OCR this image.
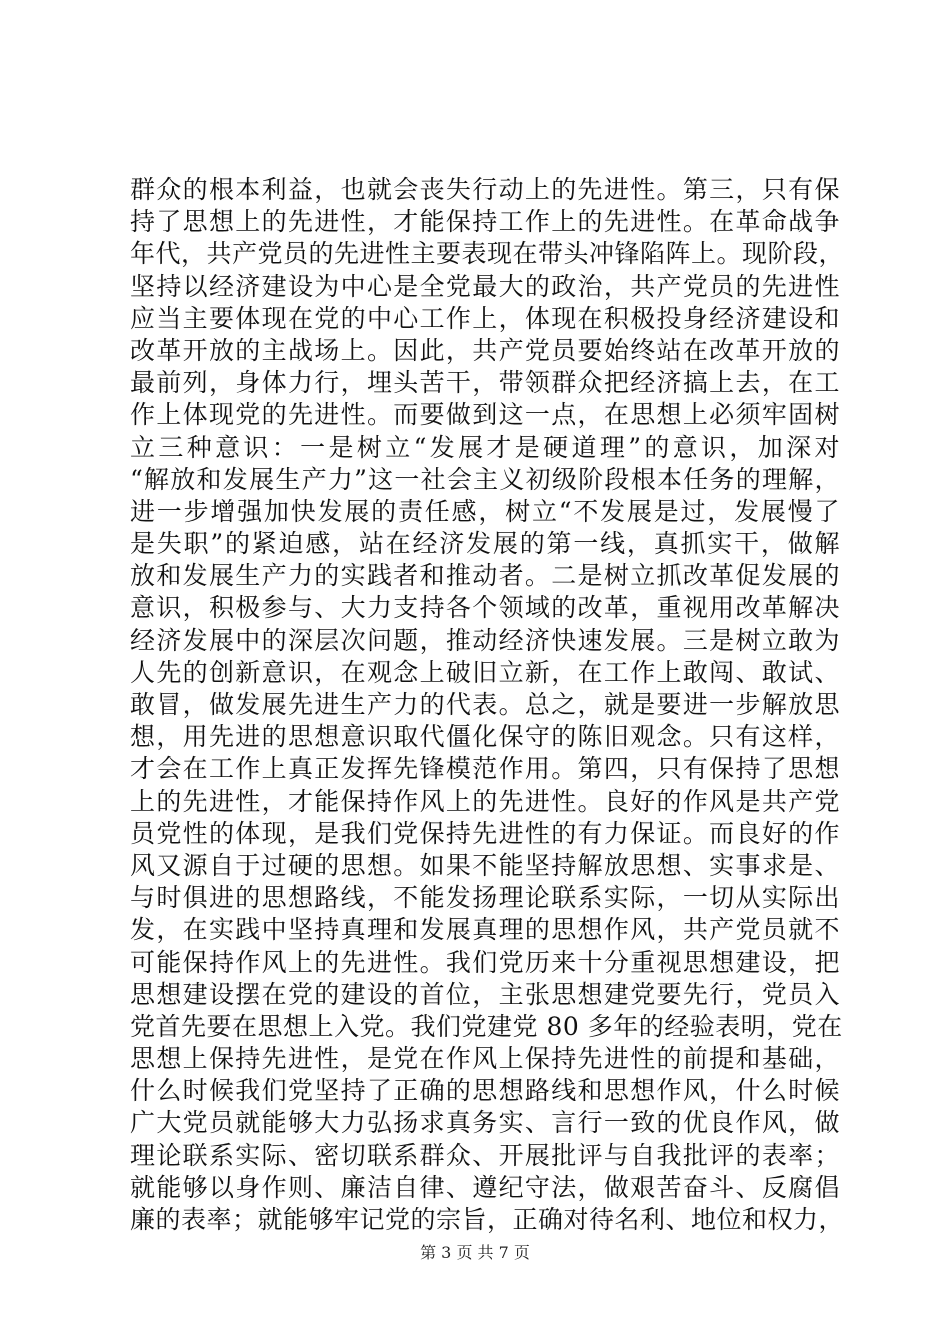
群众的根本利益，也就会丧失行动上的先进性。第三，只有保
持了思想上的先进性，才能保持工作上的先进性。在革命战争
年代，共产党员的先进性主要表现在带头冲锋陷阵上。现阶段，
坚持以经济建设为中心是全党最大的政治，共产党员的先进性
应当主要体现在党的中心工作上，体现在积极投身经济建设和
改革开放的主战场上。因此，共产党员要始终站在改革开放的
最前列，身体力行，埋头苦干，带领群众把经济搞上去，在工
作上体现党的先进性。而要做到这一点，在思想上必须牢固树
立三种意识：一是树立“发展才是硬道理”的意识，加深对
“解放和发展生产力”这一社会主义初级阶段根本任务的理解，
进一步增强加快发展的责任感，树立“不发展是过，发展慢了
是失职”的紧迫感，站在经济发展的第一线，真抓实干，做解
放和发展生产力的实践者和推动者。二是树立抓改革促发展的
意识，积极参与、大力支持各个领域的改革，重视用改革解决
经济发展中的深层次问题，推动经济快速发展。三是树立敢为
人先的创新意识，在观念上破旧立新，在工作上敢闯、敢试、
敢冒，做发展先进生产力的代表。总之，就是要进一步解放思
想，用先进的思想意识取代僵化保守的陈旧观念。只有这样，
才会在工作上真正发挥先锋模范作用。第四，只有保持了思想
上的先进性，才能保持作风上的先进性。良好的作风是共产党
员党性的体现，是我们党保持先进性的有力保证。而良好的作
风又源自于过硬的思想。如果不能坚持解放思想、实事求是、
与时俱进的思想路线，不能发扬理论联系实际，一切从实际出
发，在实践中坚持真理和发展真理的思想作风，共产党员就不
可能保持作风上的先进性。我们党历来十分重视思想建设，把
思想建设摆在党的建设的首位，主张思想建党要先行，党员入
党首先要在思想上入党。我们党建党 80 多年的经验表明，党在
思想上保持先进性，是党在作风上保持先进性的前提和基础，
什么时候我们党坚持了正确的思想路线和思想作风，什么时候
广大党员就能够大力弘扬求真务实、言行一致的优良作风，做
理论联系实际、密切联系群众、开展批评与自我批评的表率；
就能够以身作则、廉洁自律、遵纪守法，做艰苦奋斗、反腐倡
廉的表率；就能够牢记党的宗旨，正确对待名利、地位和权力，
第 3 页 共 7 页
